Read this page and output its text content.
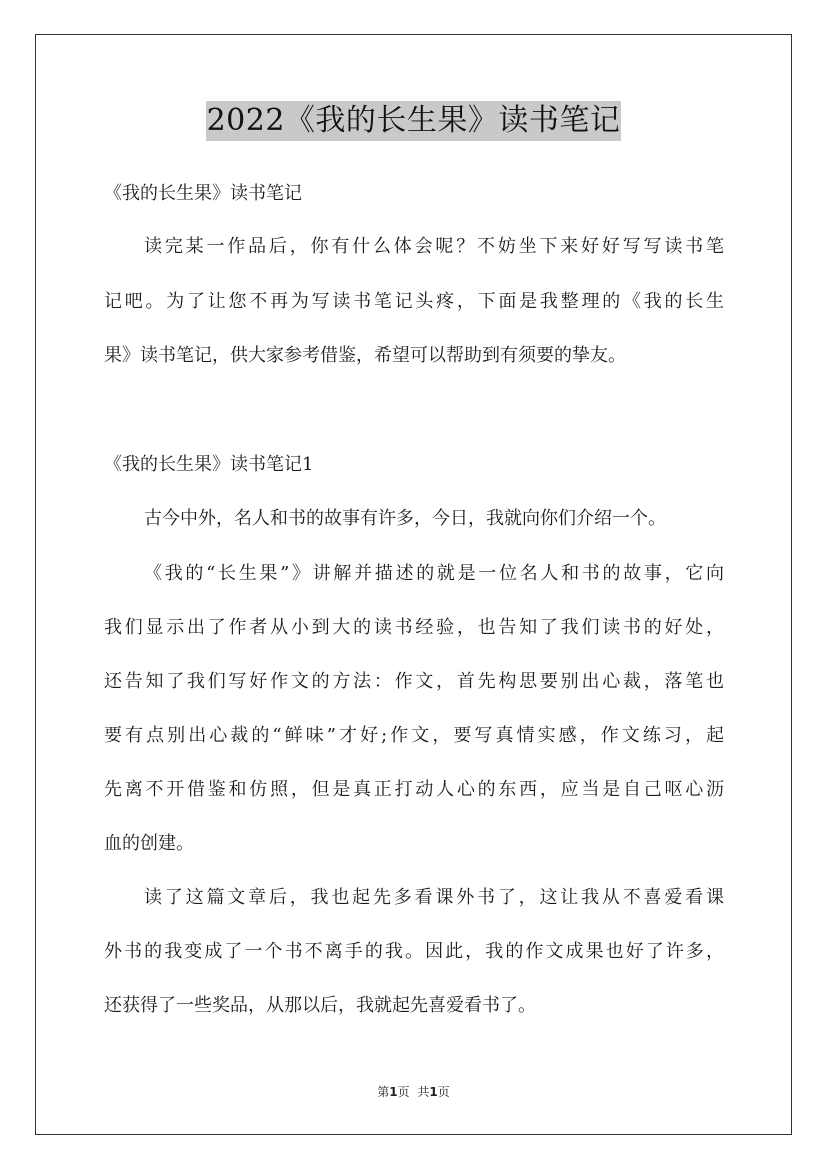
2022《我的长生果》读书笔记
《我的长生果》读书笔记
读完某一作品后，你有什么体会呢？不妨坐下来好好写写读书笔
记吧。为了让您不再为写读书笔记头疼，下面是我整理的《我的长生
果》读书笔记，供大家参考借鉴，希望可以帮助到有须要的挚友。
《我的长生果》读书笔记1
古今中外，名人和书的故事有许多，今日，我就向你们介绍一个。
《我的“长生果”》讲解并描述的就是一位名人和书的故事，它向
我们显示出了作者从小到大的读书经验，也告知了我们读书的好处，
还告知了我们写好作文的方法：作文，首先构思要别出心裁，落笔也
要有点别出心裁的“鲜味”才好;作文，要写真情实感，作文练习，起
先离不开借鉴和仿照，但是真正打动人心的东西，应当是自己呕心沥
血的创建。
读了这篇文章后，我也起先多看课外书了，这让我从不喜爱看课
外书的我变成了一个书不离手的我。因此，我的作文成果也好了许多，
还获得了一些奖品，从那以后，我就起先喜爱看书了。
第1页 共1页
